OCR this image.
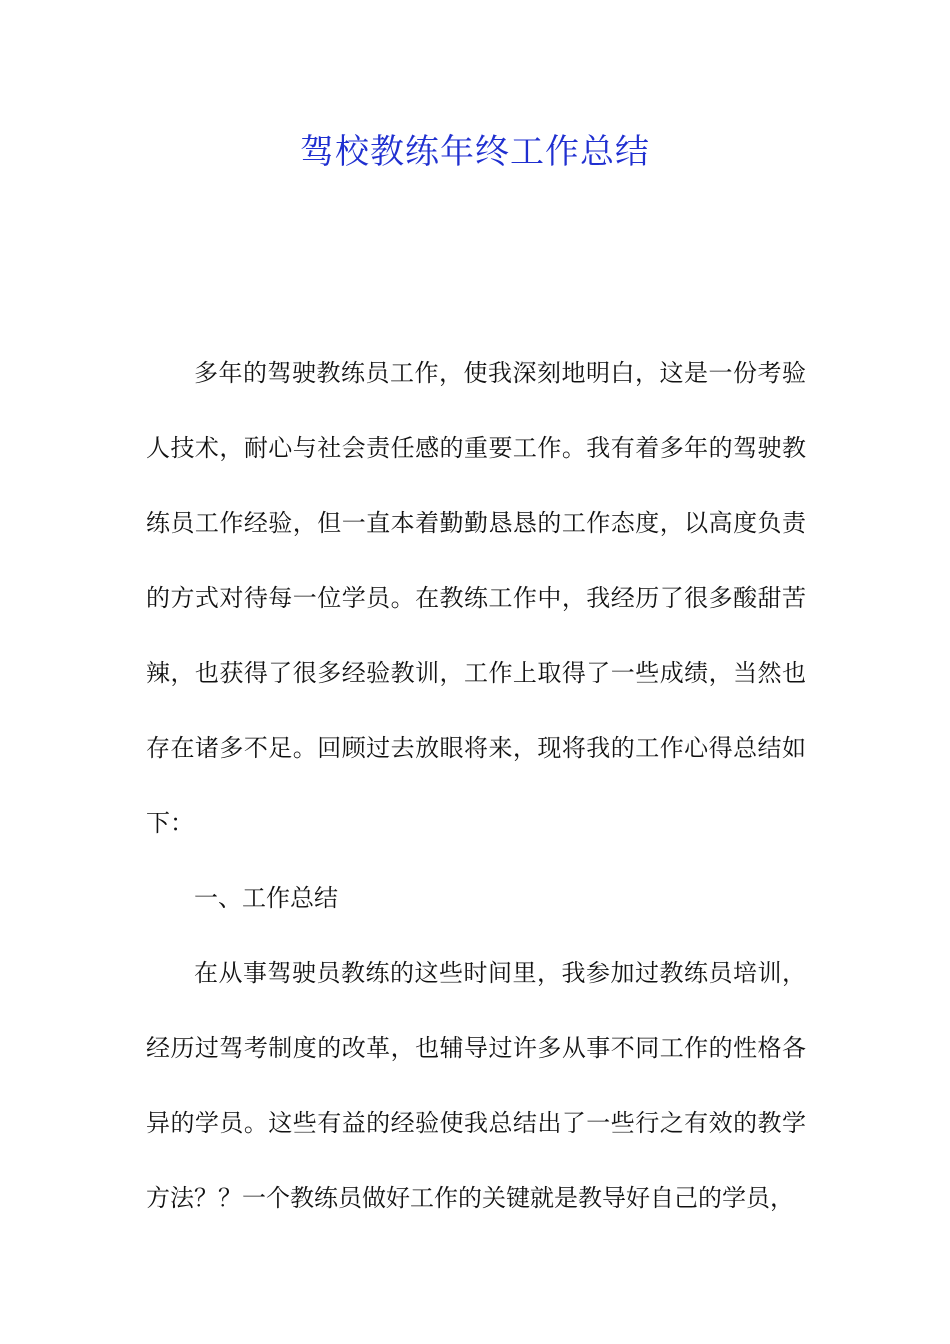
驾校教练年终工作总结

多年的驾驶教练员工作，使我深刻地明白，这是一份考验人技术，耐心与社会责任感的重要工作。我有着多年的驾驶教练员工作经验，但一直本着勤勤恳恳的工作态度，以高度负责的方式对待每一位学员。在教练工作中，我经历了很多酸甜苦辣，也获得了很多经验教训，工作上取得了一些成绩，当然也存在诸多不足。回顾过去放眼将来，现将我的工作心得总结如下：

一、工作总结

在从事驾驶员教练的这些时间里，我参加过教练员培训，经历过驾考制度的改革，也辅导过许多从事不同工作的性格各异的学员。这些有益的经验使我总结出了一些行之有效的教学方法？？一个教练员做好工作的关键就是教导好自己的学员，
